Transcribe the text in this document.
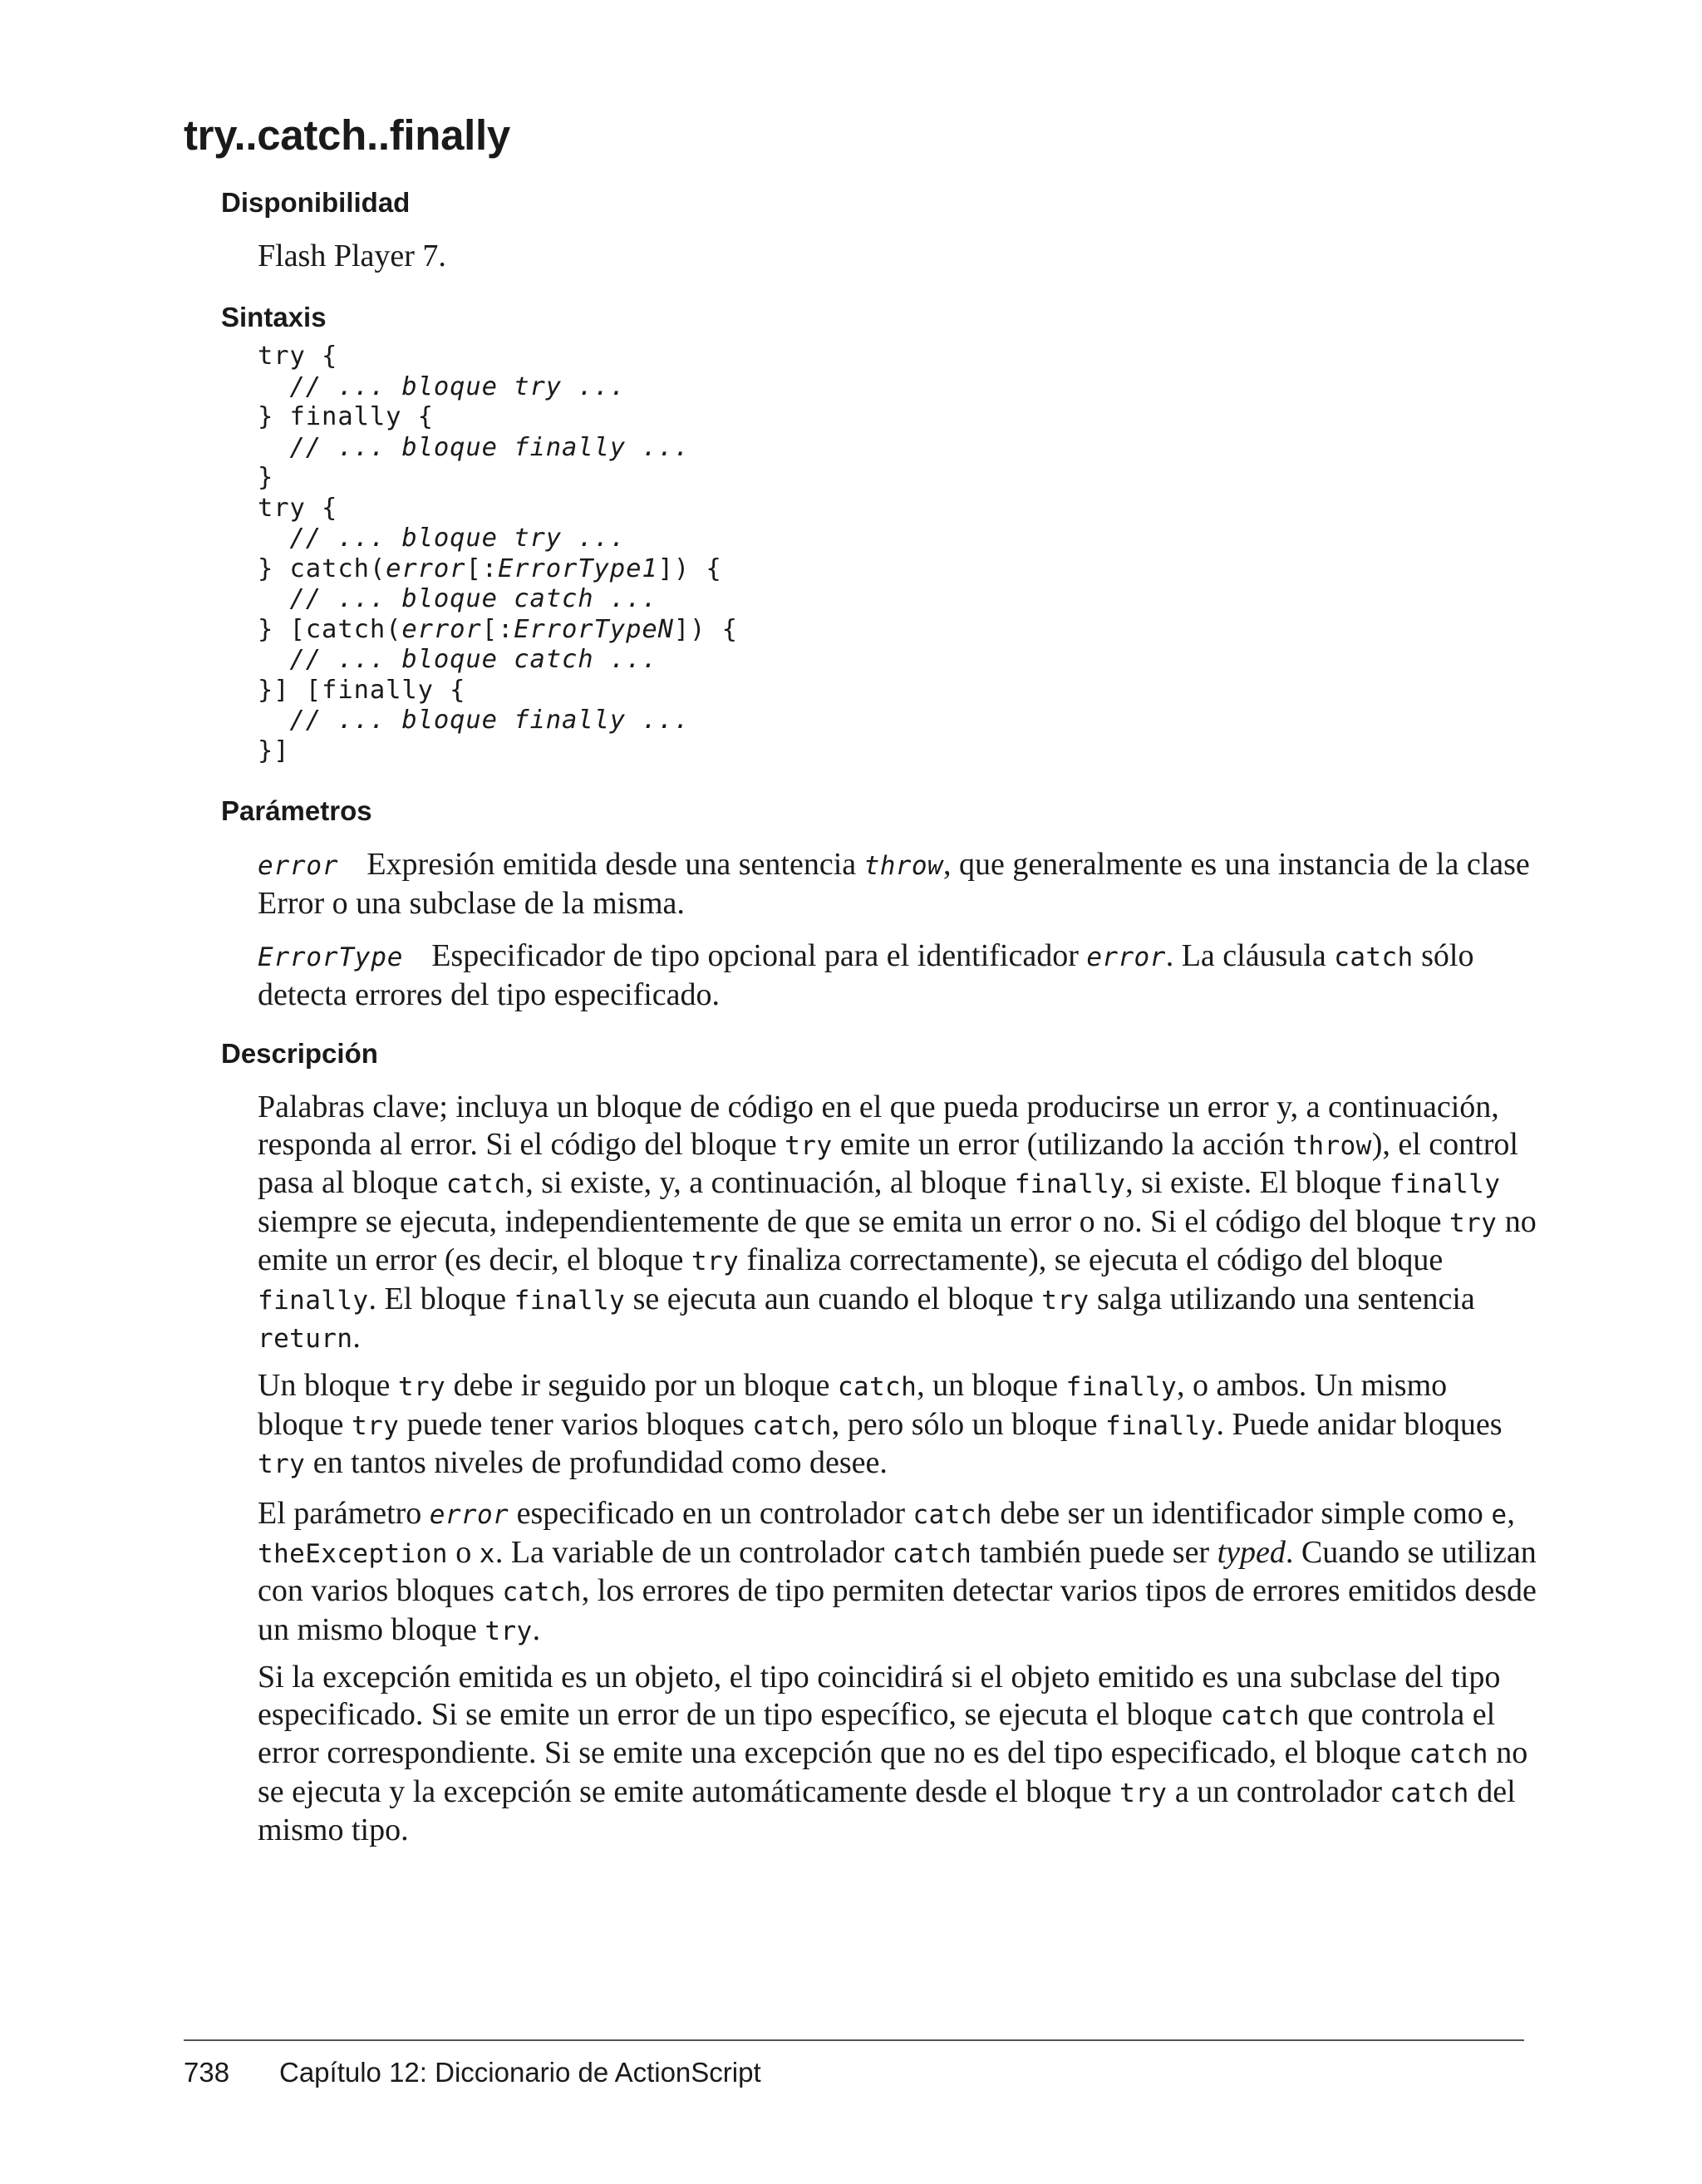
try..catch..finally
Disponibilidad

Flash Player 7.

Sintaxis
try {
// ... bloque try ...
} finally {
// ... bloque finally ...
}
try {
// ... bloque try ...
} catch(error[:ErrorType1]) {
// ... bloque catch ...
} [catch(error[:ErrorTypeN]) {
// ... bloque catch ...
}] [finally {
// ... bloque finally ...
}]
Parámetros

error Expresión emitida desde una sentencia throw, que generalmente es una instancia de la clase Error o una subclase de la misma.

ErrorType Especificador de tipo opcional para el identificador error. La cláusula catch sólo detecta errores del tipo especificado.

Descripción

Palabras clave; incluya un bloque de código en el que pueda producirse un error y, a continuación, responda al error. Si el código del bloque try emite un error (utilizando la acción throw), el control pasa al bloque catch, si existe, y, a continuación, al bloque finally, si existe. El bloque finally siempre se ejecuta, independientemente de que se emita un error o no. Si el código del bloque try no emite un error (es decir, el bloque try finaliza correctamente), se ejecuta el código del bloque finally. El bloque finally se ejecuta aun cuando el bloque try salga utilizando una sentencia return.

Un bloque try debe ir seguido por un bloque catch, un bloque finally, o ambos. Un mismo bloque try puede tener varios bloques catch, pero sólo un bloque finally. Puede anidar bloques try en tantos niveles de profundidad como desee.

El parámetro error especificado en un controlador catch debe ser un identificador simple como e, theException o x. La variable de un controlador catch también puede ser typed. Cuando se utilizan con varios bloques catch, los errores de tipo permiten detectar varios tipos de errores emitidos desde un mismo bloque try.

Si la excepción emitida es un objeto, el tipo coincidirá si el objeto emitido es una subclase del tipo especificado. Si se emite un error de un tipo específico, se ejecuta el bloque catch que controla el error correspondiente. Si se emite una excepción que no es del tipo especificado, el bloque catch no se ejecuta y la excepción se emite automáticamente desde el bloque try a un controlador catch del mismo tipo.

738 Capítulo 12: Diccionario de ActionScript
